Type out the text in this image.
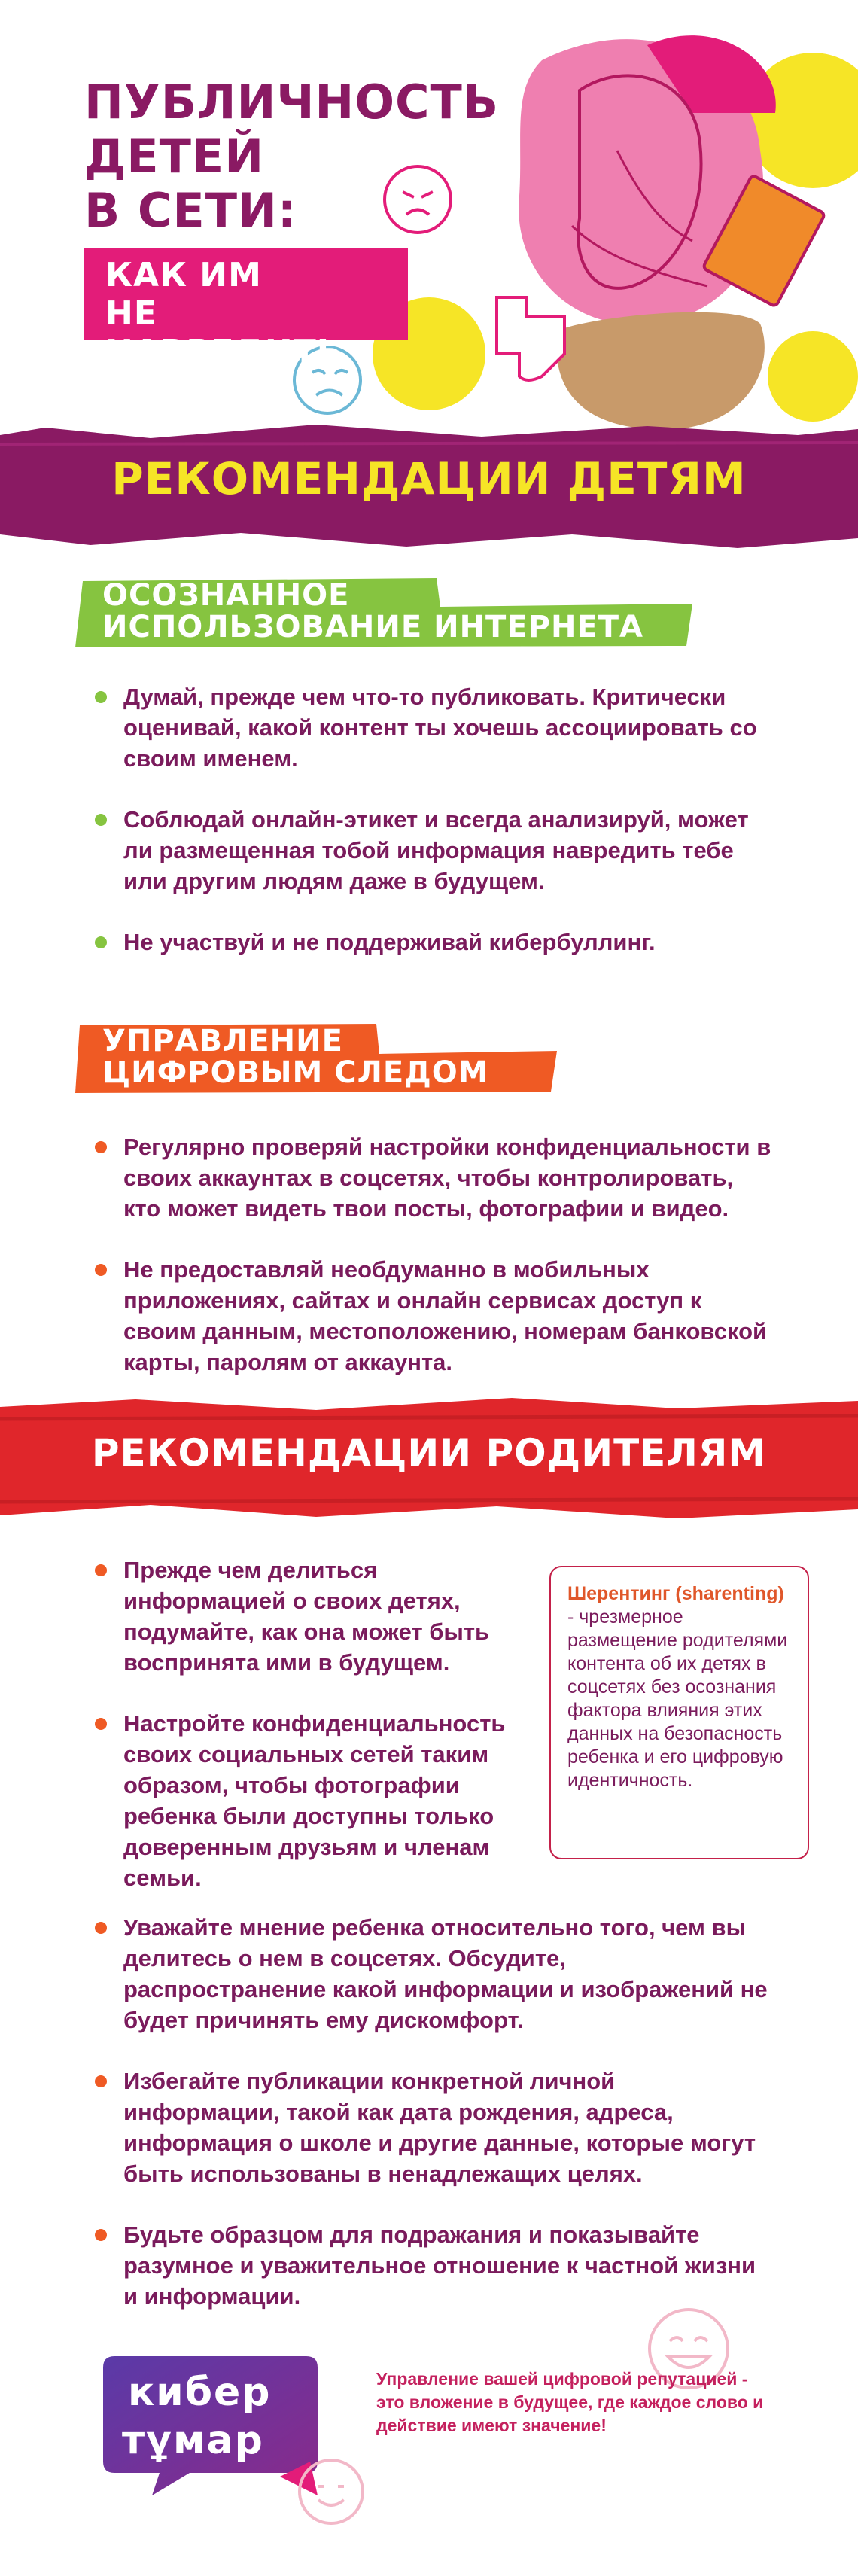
ПУБЛИЧНОСТЬ
ДЕТЕЙ
В СЕТИ:
КАК ИМ
НЕ НАВРЕДИТЬ
РЕКОМЕНДАЦИИ ДЕТЯМ
ОСОЗНАННОЕ
ИСПОЛЬЗОВАНИЕ ИНТЕРНЕТА
Думай, прежде чем что-то публиковать. Критически оценивай, какой контент ты хочешь ассоциировать со своим именем.
Соблюдай онлайн-этикет и всегда анализируй, может ли размещенная тобой информация навредить тебе или другим людям даже в будущем.
Не участвуй и не поддерживай кибербуллинг.
УПРАВЛЕНИЕ
ЦИФРОВЫМ СЛЕДОМ
Регулярно проверяй настройки конфиденциальности в своих аккаунтах в соцсетях, чтобы контролировать, кто может видеть твои посты, фотографии и видео.
Не предоставляй необдуманно в мобильных приложениях, сайтах и онлайн сервисах доступ к своим данным, местоположению, номерам банковской карты, паролям от аккаунта.
РЕКОМЕНДАЦИИ РОДИТЕЛЯМ
Прежде чем делиться информацией о своих детях, подумайте, как она может быть воспринята ими в будущем.
Настройте конфиденциальность своих социальных сетей таким образом, чтобы фотографии ребенка были доступны только доверенным друзьям и членам семьи.
Шерентинг (sharenting) - чрезмерное размещение родителями контента об их детях в соцсетях без осознания фактора влияния этих данных на безопасность ребенка и его цифровую идентичность.
Уважайте мнение ребенка относительно того, чем вы делитесь о нем в соцсетях. Обсудите, распространение какой информации и изображений не будет причинять ему дискомфорт.
Избегайте публикации конкретной личной информации, такой как дата рождения, адреса, информация о школе и другие данные, которые могут быть использованы в ненадлежащих целях.
Будьте образцом для подражания и показывайте разумное и уважительное отношение к частной жизни и информации.
кибер
тұмар
Управление вашей цифровой репутацией - это вложение в будущее, где каждое слово и действие имеют значение!
